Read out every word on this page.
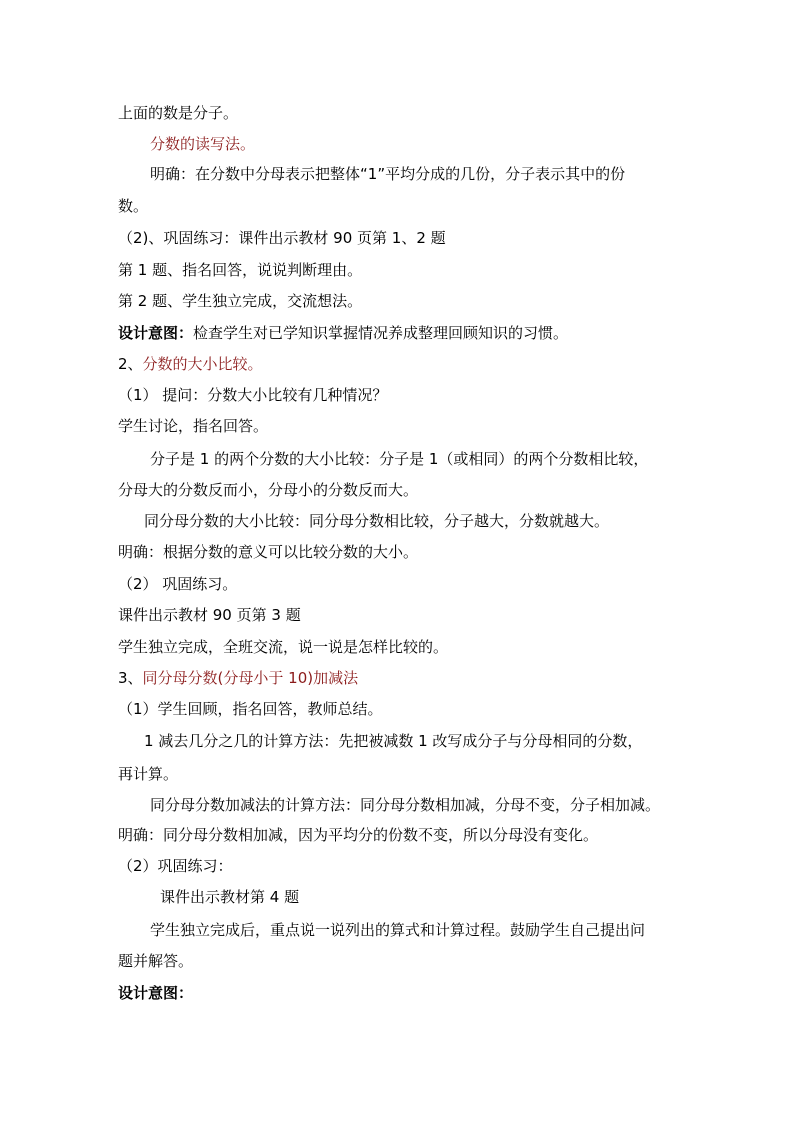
上面的数是分子。
分数的读写法。
明确：在分数中分母表示把整体“1”平均分成的几份，分子表示其中的份
数。
（2)、巩固练习：课件出示教材 90 页第 1、2 题
第 1 题、指名回答，说说判断理由。
第 2 题、学生独立完成，交流想法。
设计意图：检查学生对已学知识掌握情况养成整理回顾知识的习惯。
2、分数的大小比较。
（1） 提问：分数大小比较有几种情况？
学生讨论，指名回答。
分子是 1 的两个分数的大小比较：分子是 1（或相同）的两个分数相比较，
分母大的分数反而小，分母小的分数反而大。
同分母分数的大小比较：同分母分数相比较，分子越大，分数就越大。
明确：根据分数的意义可以比较分数的大小。
（2） 巩固练习。
课件出示教材 90 页第 3 题
学生独立完成，全班交流，说一说是怎样比较的。
3、同分母分数(分母小于 10)加减法
（1）学生回顾，指名回答，教师总结。
1 减去几分之几的计算方法：先把被减数 1 改写成分子与分母相同的分数，
再计算。
同分母分数加减法的计算方法：同分母分数相加减，分母不变，分子相加减。
明确：同分母分数相加减，因为平均分的份数不变，所以分母没有变化。
（2）巩固练习：
课件出示教材第 4 题
学生独立完成后，重点说一说列出的算式和计算过程。鼓励学生自己提出问
题并解答。
设计意图：
